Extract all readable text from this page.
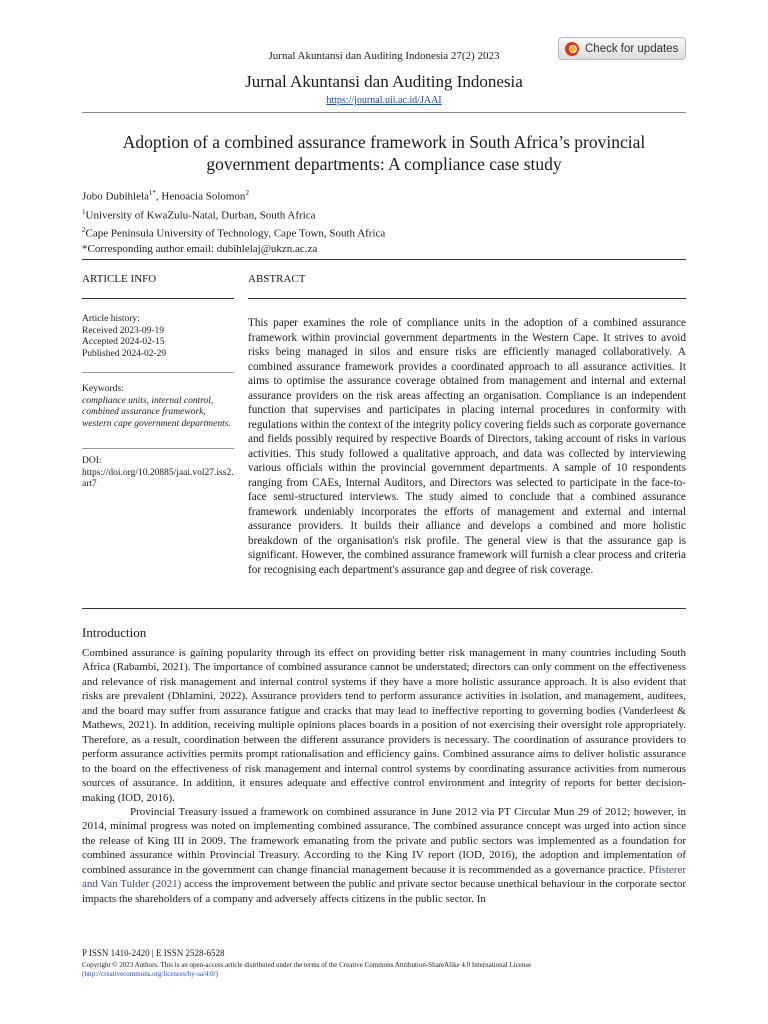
Jurnal Akuntansi dan Auditing Indonesia 27(2) 2023
Check for updates
Jurnal Akuntansi dan Auditing Indonesia
https://journal.uii.ac.id/JAAI
Adoption of a combined assurance framework in South Africa’s provincial government departments: A compliance case study
Jobo Dubihlela$^{1*}$, Henoacia Solomon$^2$
$^1$University of KwaZulu-Natal, Durban, South Africa
$^2$Cape Peninsula University of Technology, Cape Town, South Africa
*Corresponding author email: dubihlelaj@ukzn.ac.za
ARTICLE INFO	ABSTRACT
Article history:
Received 2023-09-19
Accepted 2024-02-15
Published 2024-02-29
Keywords:
compliance units, internal control, combined assurance framework, western cape government departments.
DOI:
https://doi.org/10.20885/jaai.vol27.iss2.art7
This paper examines the role of compliance units in the adoption of a combined assurance framework within provincial government departments in the Western Cape. It strives to avoid risks being managed in silos and ensure risks are efficiently managed collaboratively. A combined assurance framework provides a coordinated approach to all assurance activities. It aims to optimise the assurance coverage obtained from management and internal and external assurance providers on the risk areas affecting an organisation. Compliance is an independent function that supervises and participates in placing internal procedures in conformity with regulations within the context of the integrity policy covering fields such as corporate governance and fields possibly required by respective Boards of Directors, taking account of risks in various activities. This study followed a qualitative approach, and data was collected by interviewing various officials within the provincial government departments. A sample of 10 respondents ranging from CAEs, Internal Auditors, and Directors was selected to participate in the face-to-face semi-structured interviews. The study aimed to conclude that a combined assurance framework undeniably incorporates the efforts of management and external and internal assurance providers. It builds their alliance and develops a combined and more holistic breakdown of the organisation's risk profile. The general view is that the assurance gap is significant. However, the combined assurance framework will furnish a clear process and criteria for recognising each department's assurance gap and degree of risk coverage.
Introduction

Combined assurance is gaining popularity through its effect on providing better risk management in many countries including South Africa (Rabambi, 2021). The importance of combined assurance cannot be understated; directors can only comment on the effectiveness and relevance of risk management and internal control systems if they have a more holistic assurance approach. It is also evident that risks are prevalent (Dhlamini, 2022). Assurance providers tend to perform assurance activities in isolation, and management, auditees, and the board may suffer from assurance fatigue and cracks that may lead to ineffective reporting to governing bodies (Vanderleest & Mathews, 2021). In addition, receiving multiple opinions places boards in a position of not exercising their oversight role appropriately. Therefore, as a result, coordination between the different assurance providers is necessary. The coordination of assurance providers to perform assurance activities permits prompt rationalisation and efficiency gains. Combined assurance aims to deliver holistic assurance to the board on the effectiveness of risk management and internal control systems by coordinating assurance activities from numerous sources of assurance. In addition, it ensures adequate and effective control environment and integrity of reports for better decision-making (IOD, 2016).

Provincial Treasury issued a framework on combined assurance in June 2012 via PT Circular Mun 29 of 2012; however, in 2014, minimal progress was noted on implementing combined assurance. The combined assurance concept was urged into action since the release of King III in 2009. The framework emanating from the private and public sectors was implemented as a foundation for combined assurance within Provincial Treasury. According to the King IV report (IOD, 2016), the adoption and implementation of combined assurance in the government can change financial management because it is recommended as a governance practice. Pfisterer and Van Tulder (2021) access the improvement between the public and private sector because unethical behaviour in the corporate sector impacts the shareholders of a company and adversely affects citizens in the public sector. In

P ISSN 1410-2420 | E ISSN 2528-6528
Copyright © 2023 Authors. This is an open-access article distributed under the terms of the Creative Commons Attribution-ShareAlike 4.0 International License
(http://creativecommons.org/licences/by-sa/4.0/)
